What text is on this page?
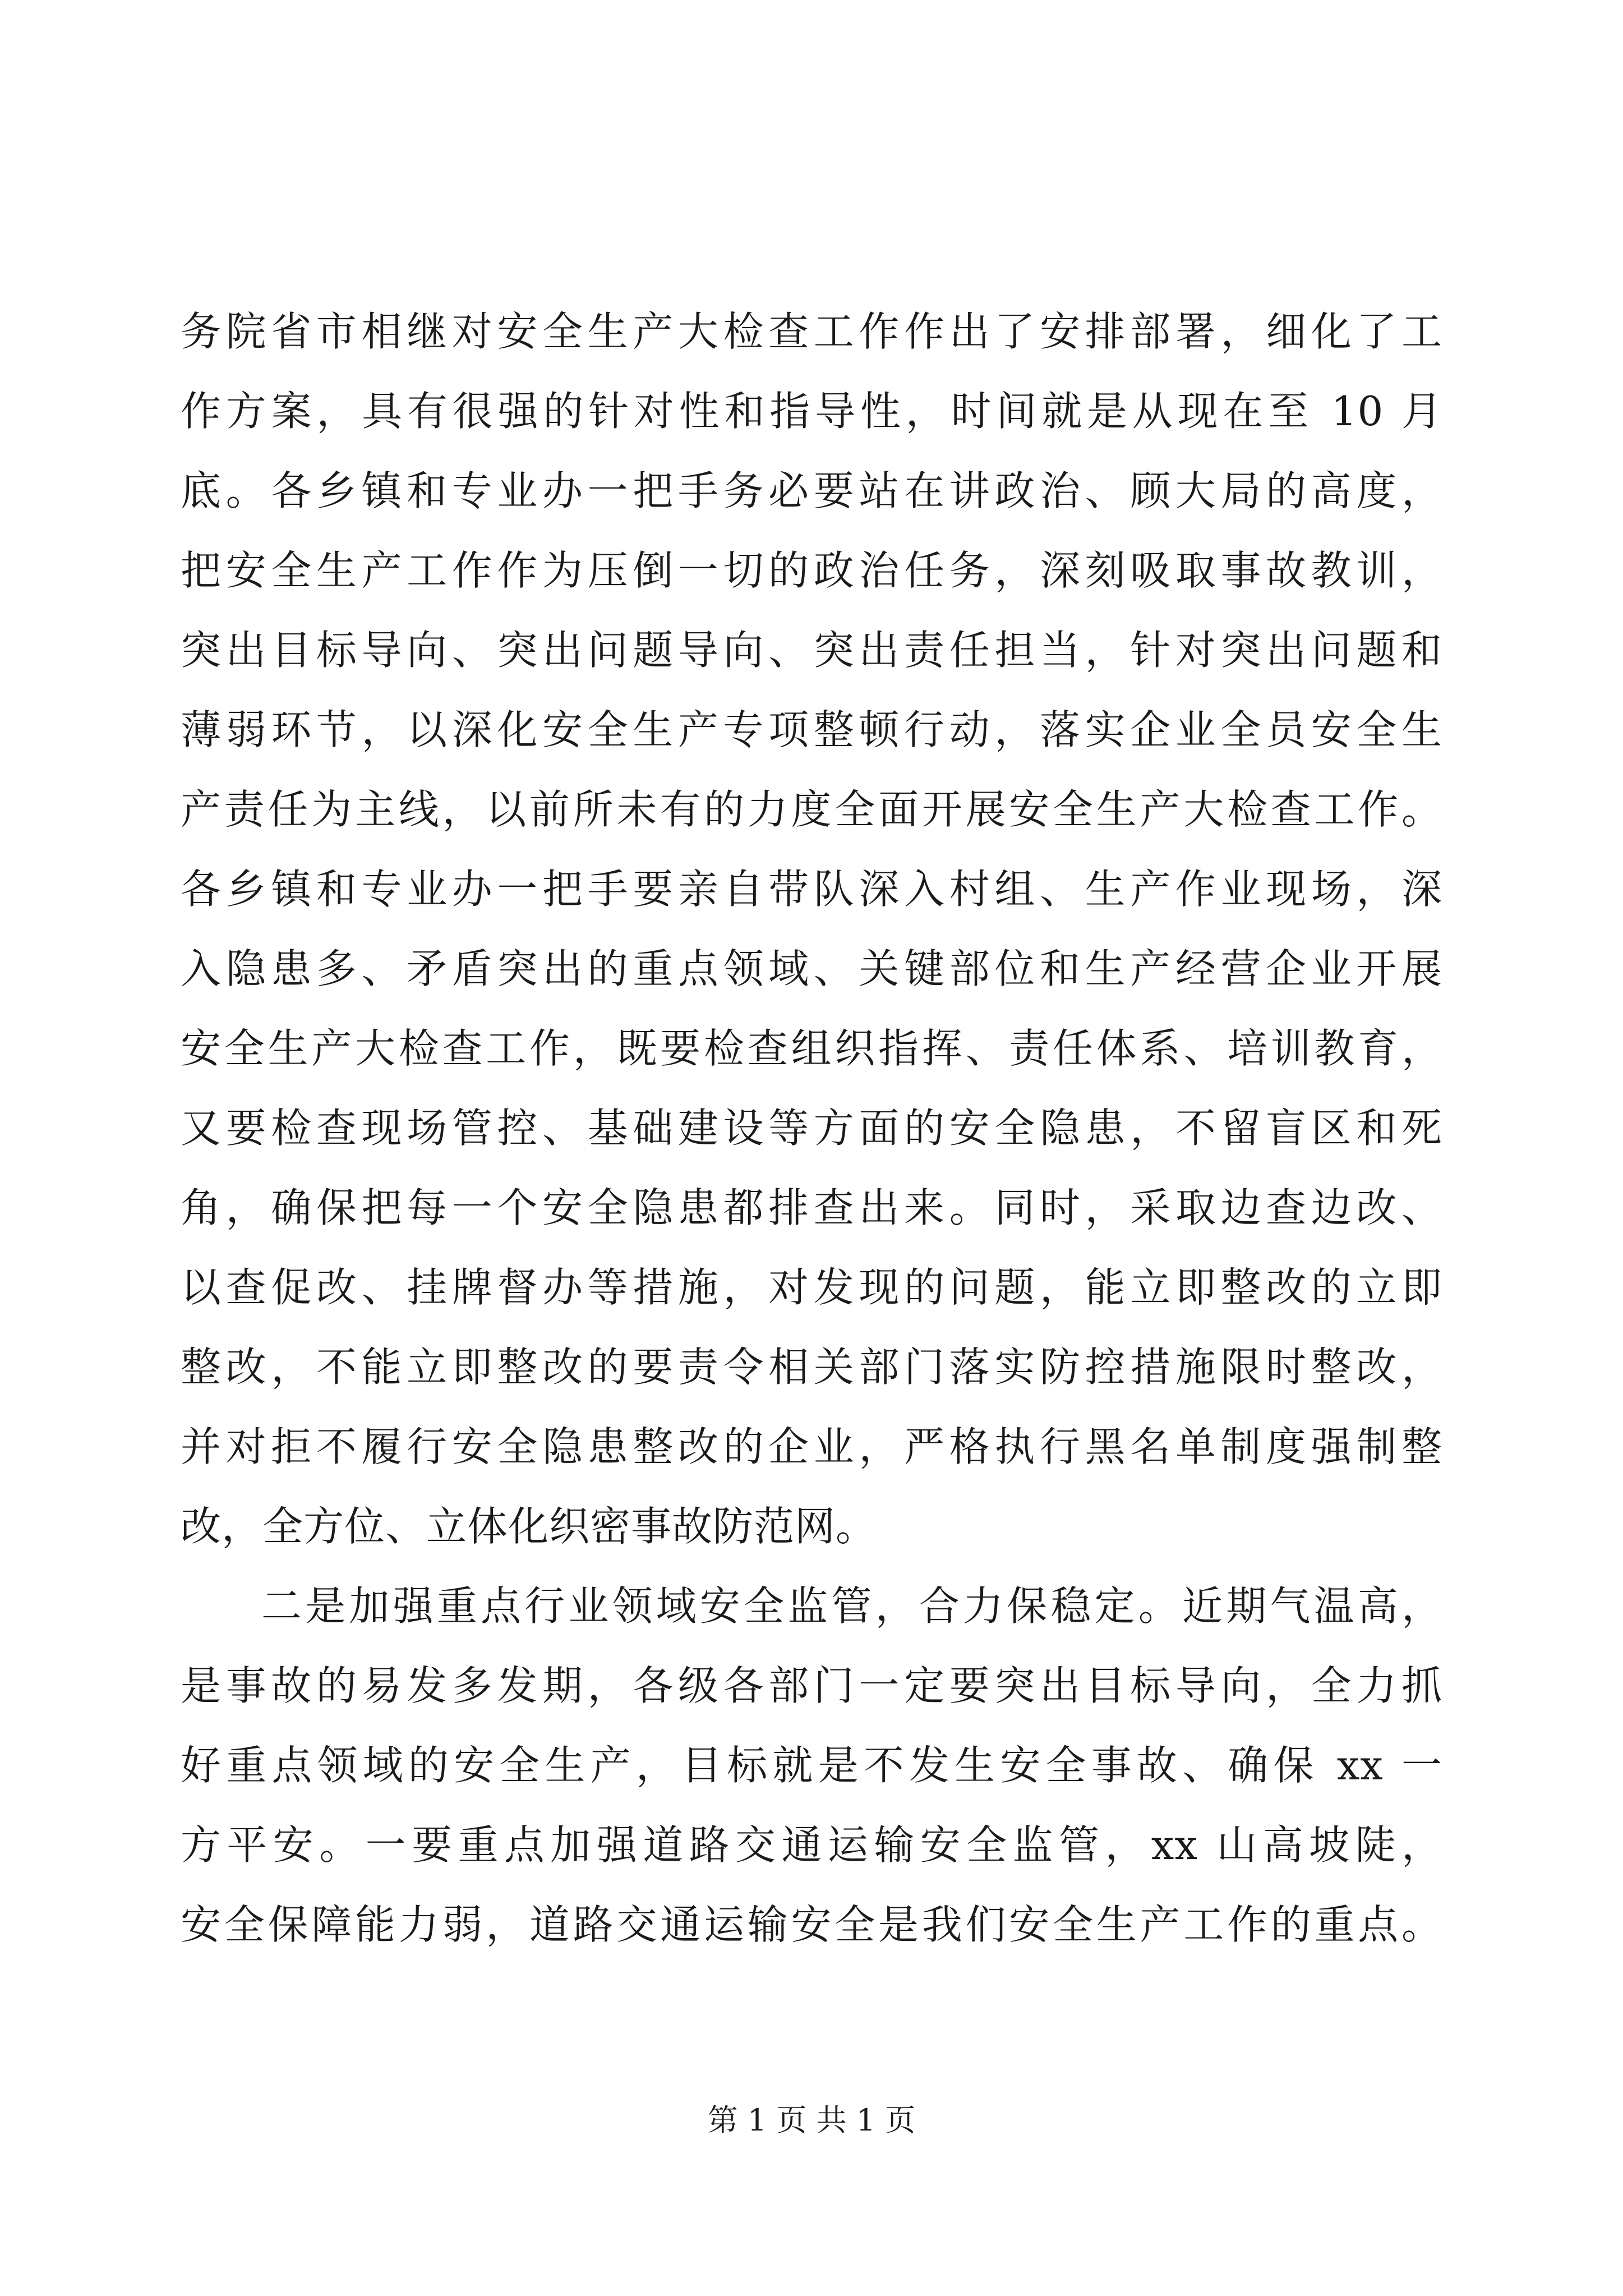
务院省市相继对安全生产大检查工作作出了安排部署，细化了工
作方案，具有很强的针对性和指导性，时间就是从现在至 10 月
底。各乡镇和专业办一把手务必要站在讲政治、顾大局的高度，
把安全生产工作作为压倒一切的政治任务，深刻吸取事故教训，
突出目标导向、突出问题导向、突出责任担当，针对突出问题和
薄弱环节，以深化安全生产专项整顿行动，落实企业全员安全生
产责任为主线，以前所未有的力度全面开展安全生产大检查工作。
各乡镇和专业办一把手要亲自带队深入村组、生产作业现场，深
入隐患多、矛盾突出的重点领域、关键部位和生产经营企业开展
安全生产大检查工作，既要检查组织指挥、责任体系、培训教育，
又要检查现场管控、基础建设等方面的安全隐患，不留盲区和死
角，确保把每一个安全隐患都排查出来。同时，采取边查边改、
以查促改、挂牌督办等措施，对发现的问题，能立即整改的立即
整改，不能立即整改的要责令相关部门落实防控措施限时整改，
并对拒不履行安全隐患整改的企业，严格执行黑名单制度强制整
改，全方位、立体化织密事故防范网。
二是加强重点行业领域安全监管，合力保稳定。近期气温高，
是事故的易发多发期，各级各部门一定要突出目标导向，全力抓
好重点领域的安全生产，目标就是不发生安全事故、确保 xx 一
方平安。一要重点加强道路交通运输安全监管，xx 山高坡陡，
安全保障能力弱，道路交通运输安全是我们安全生产工作的重点。
第 1 页 共 1 页
